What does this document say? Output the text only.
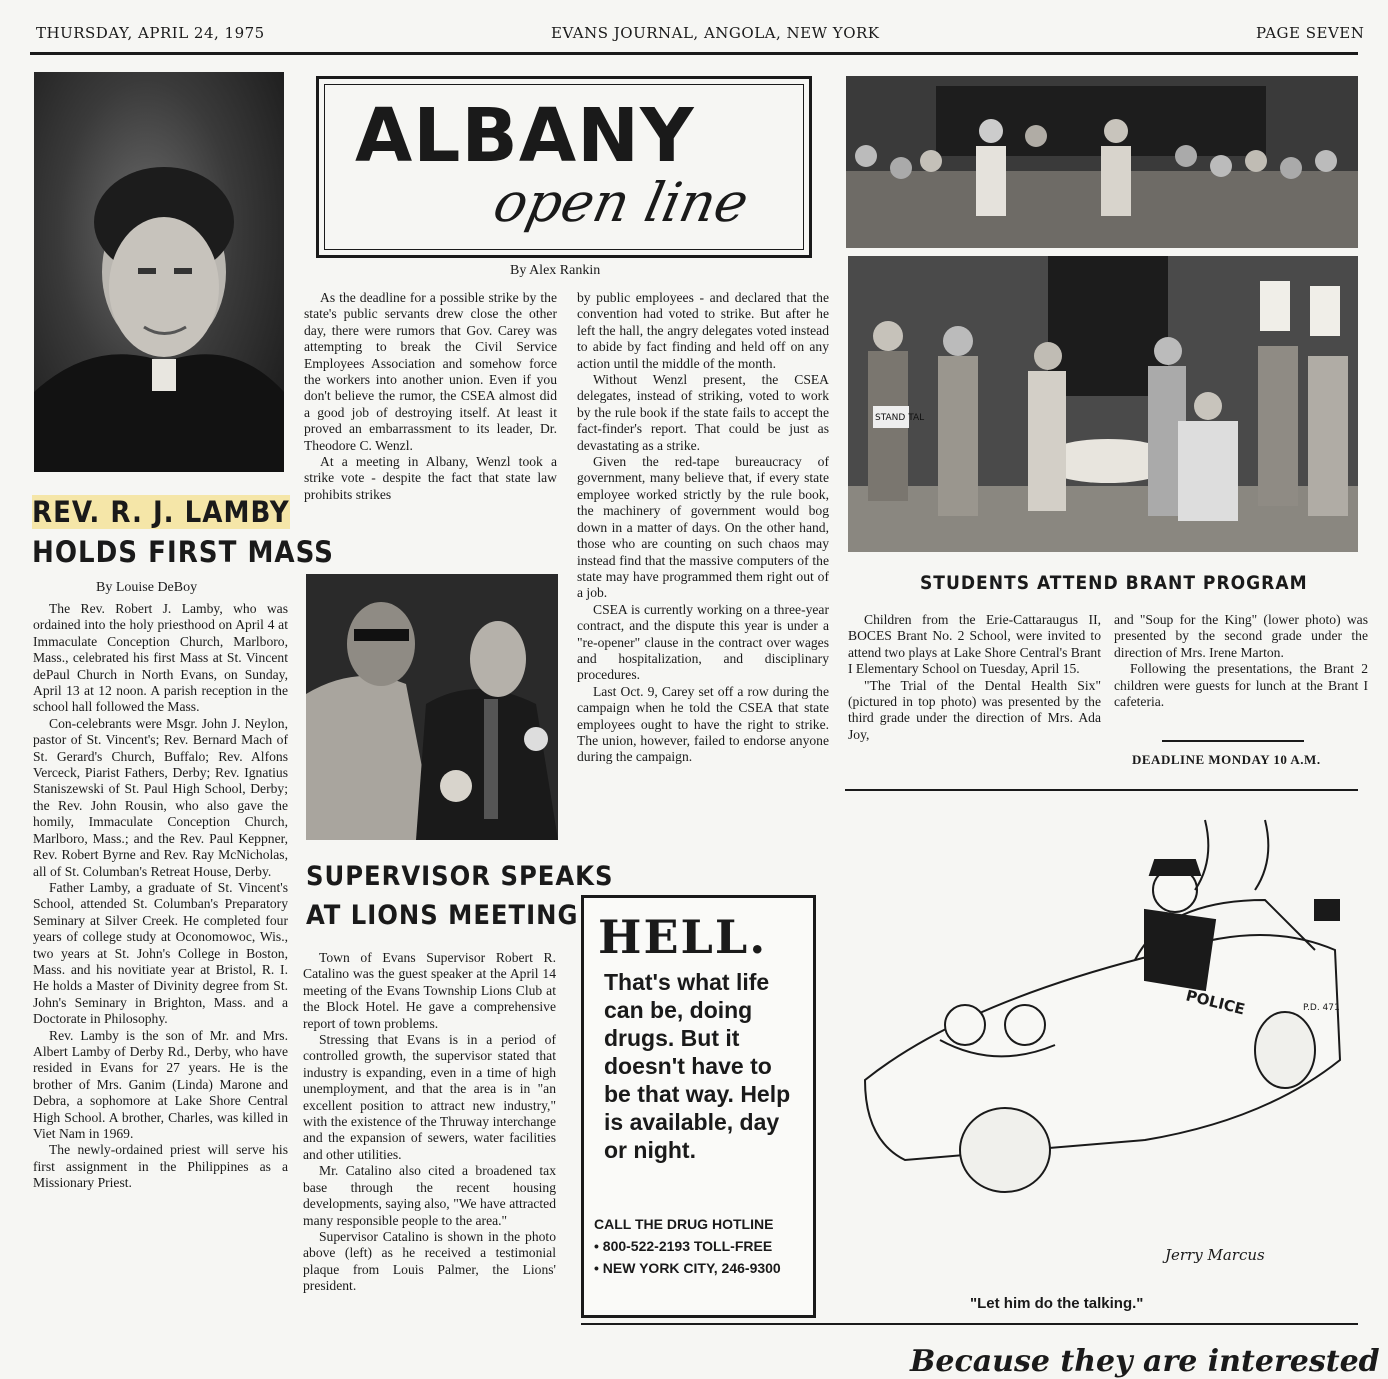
THURSDAY, APRIL 24, 1975	EVANS JOURNAL, ANGOLA, NEW YORK	PAGE SEVEN
REV. R. J. LAMBY
HOLDS FIRST MASS
By Louise DeBoy

The Rev. Robert J. Lamby, who was ordained into the holy priesthood on April 4 at Immaculate Conception Church, Marlboro, Mass., celebrated his first Mass at St. Vincent dePaul Church in North Evans, on Sunday, April 13 at 12 noon. A parish reception in the school hall followed the Mass.

Con-celebrants were Msgr. John J. Neylon, pastor of St. Vincent's; Rev. Bernard Mach of St. Gerard's Church, Buffalo; Rev. Alfons Verceck, Piarist Fathers, Derby; Rev. Ignatius Staniszewski of St. Paul High School, Derby; the Rev. John Rousin, who also gave the homily, Immaculate Conception Church, Marlboro, Mass.; and the Rev. Paul Keppner, Rev. Robert Byrne and Rev. Ray McNicholas, all of St. Columban's Retreat House, Derby.

Father Lamby, a graduate of St. Vincent's School, attended St. Columban's Preparatory Seminary at Silver Creek. He completed four years of college study at Oconomowoc, Wis., two years at St. John's College in Boston, Mass. and his novitiate year at Bristol, R. I. He holds a Master of Divinity degree from St. John's Seminary in Brighton, Mass. and a Doctorate in Philosophy.

Rev. Lamby is the son of Mr. and Mrs. Albert Lamby of Derby Rd., Derby, who have resided in Evans for 27 years. He is the brother of Mrs. Ganim (Linda) Marone and Debra, a sophomore at Lake Shore Central High School. A brother, Charles, was killed in Viet Nam in 1969.

The newly-ordained priest will serve his first assignment in the Philippines as a Missionary Priest.

ALBANY
open line
By Alex Rankin

As the deadline for a possible strike by the state's public servants drew close the other day, there were rumors that Gov. Carey was attempting to break the Civil Service Employees Association and somehow force the workers into another union. Even if you don't believe the rumor, the CSEA almost did a good job of destroying itself. At least it proved an embarrassment to its leader, Dr. Theodore C. Wenzl.

At a meeting in Albany, Wenzl took a strike vote - despite the fact that state law prohibits strikes

by public employees - and declared that the convention had voted to strike. But after he left the hall, the angry delegates voted instead to abide by fact finding and held off on any action until the middle of the month.

Without Wenzl present, the CSEA delegates, instead of striking, voted to work by the rule book if the state fails to accept the fact-finder's report. That could be just as devastating as a strike.

Given the red-tape bureaucracy of government, many believe that, if every state employee worked strictly by the rule book, the machinery of government would bog down in a matter of days. On the other hand, those who are counting on such chaos may instead find that the massive computers of the state may have programmed them right out of a job.

CSEA is currently working on a three-year contract, and the dispute this year is under a "re-opener" clause in the contract over wages and hospitalization, and disciplinary procedures.

Last Oct. 9, Carey set off a row during the campaign when he told the CSEA that state employees ought to have the right to strike. The union, however, failed to endorse anyone during the campaign.

SUPERVISOR SPEAKS
AT LIONS MEETING

Town of Evans Supervisor Robert R. Catalino was the guest speaker at the April 14 meeting of the Evans Township Lions Club at the Block Hotel. He gave a comprehensive report of town problems.

Stressing that Evans is in a period of controlled growth, the supervisor stated that industry is expanding, even in a time of high unemployment, and that the area is in "an excellent position to attract new industry," with the existence of the Thruway interchange and the expansion of sewers, water facilities and other utilities.

Mr. Catalino also cited a broadened tax base through the recent housing developments, saying also, "We have attracted many responsible people to the area."

Supervisor Catalino is shown in the photo above (left) as he received a testimonial plaque from Louis Palmer, the Lions' president.

HELL.
That's what life can be, doing drugs. But it doesn't have to be that way. Help is available, day or night.
CALL THE DRUG HOTLINE
• 800-522-2193 TOLL-FREE
• NEW YORK CITY, 246-9300
STAND TAL
STUDENTS ATTEND BRANT PROGRAM

Children from the Erie-Cattaraugus II, BOCES Brant No. 2 School, were invited to attend two plays at Lake Shore Central's Brant I Elementary School on Tuesday, April 15.

"The Trial of the Dental Health Six" (pictured in top photo) was presented by the third grade under the direction of Mrs. Ada Joy,

and "Soup for the King" (lower photo) was presented by the second grade under the direction of Mrs. Irene Marton.

Following the presentations, the Brant 2 children were guests for lunch at the Brant I cafeteria.

DEADLINE MONDAY 10 A.M.
POLICE	P.D. 471
Jerry Marcus
"Let him do the talking."
Because they are interested
